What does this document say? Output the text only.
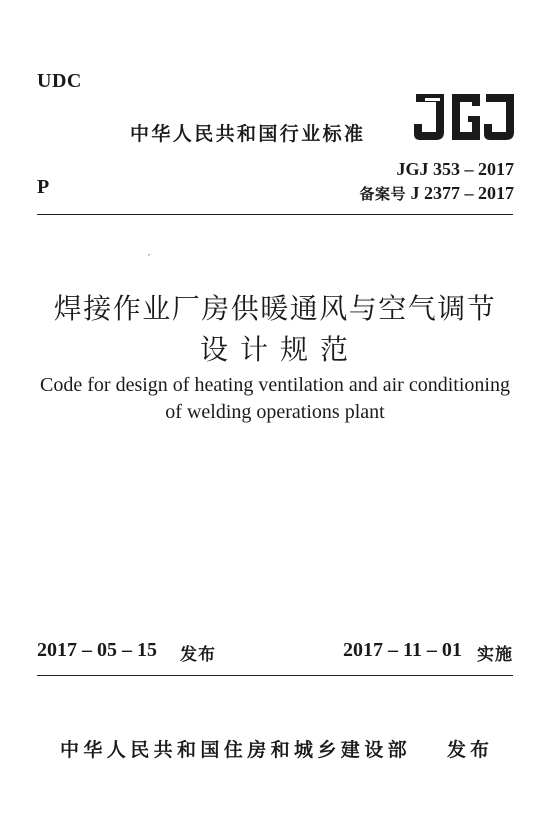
UDC
中华人民共和国行业标准
P
JGJ 353 – 2017
备案号 J 2377 – 2017
′
焊接作业厂房供暖通风与空气调节
设计规范
Code for design of heating ventilation and air conditioning
of welding operations plant
2017 – 05 – 15 发布	2017 – 11 – 01 实施
中华人民共和国住房和城乡建设部 发布
